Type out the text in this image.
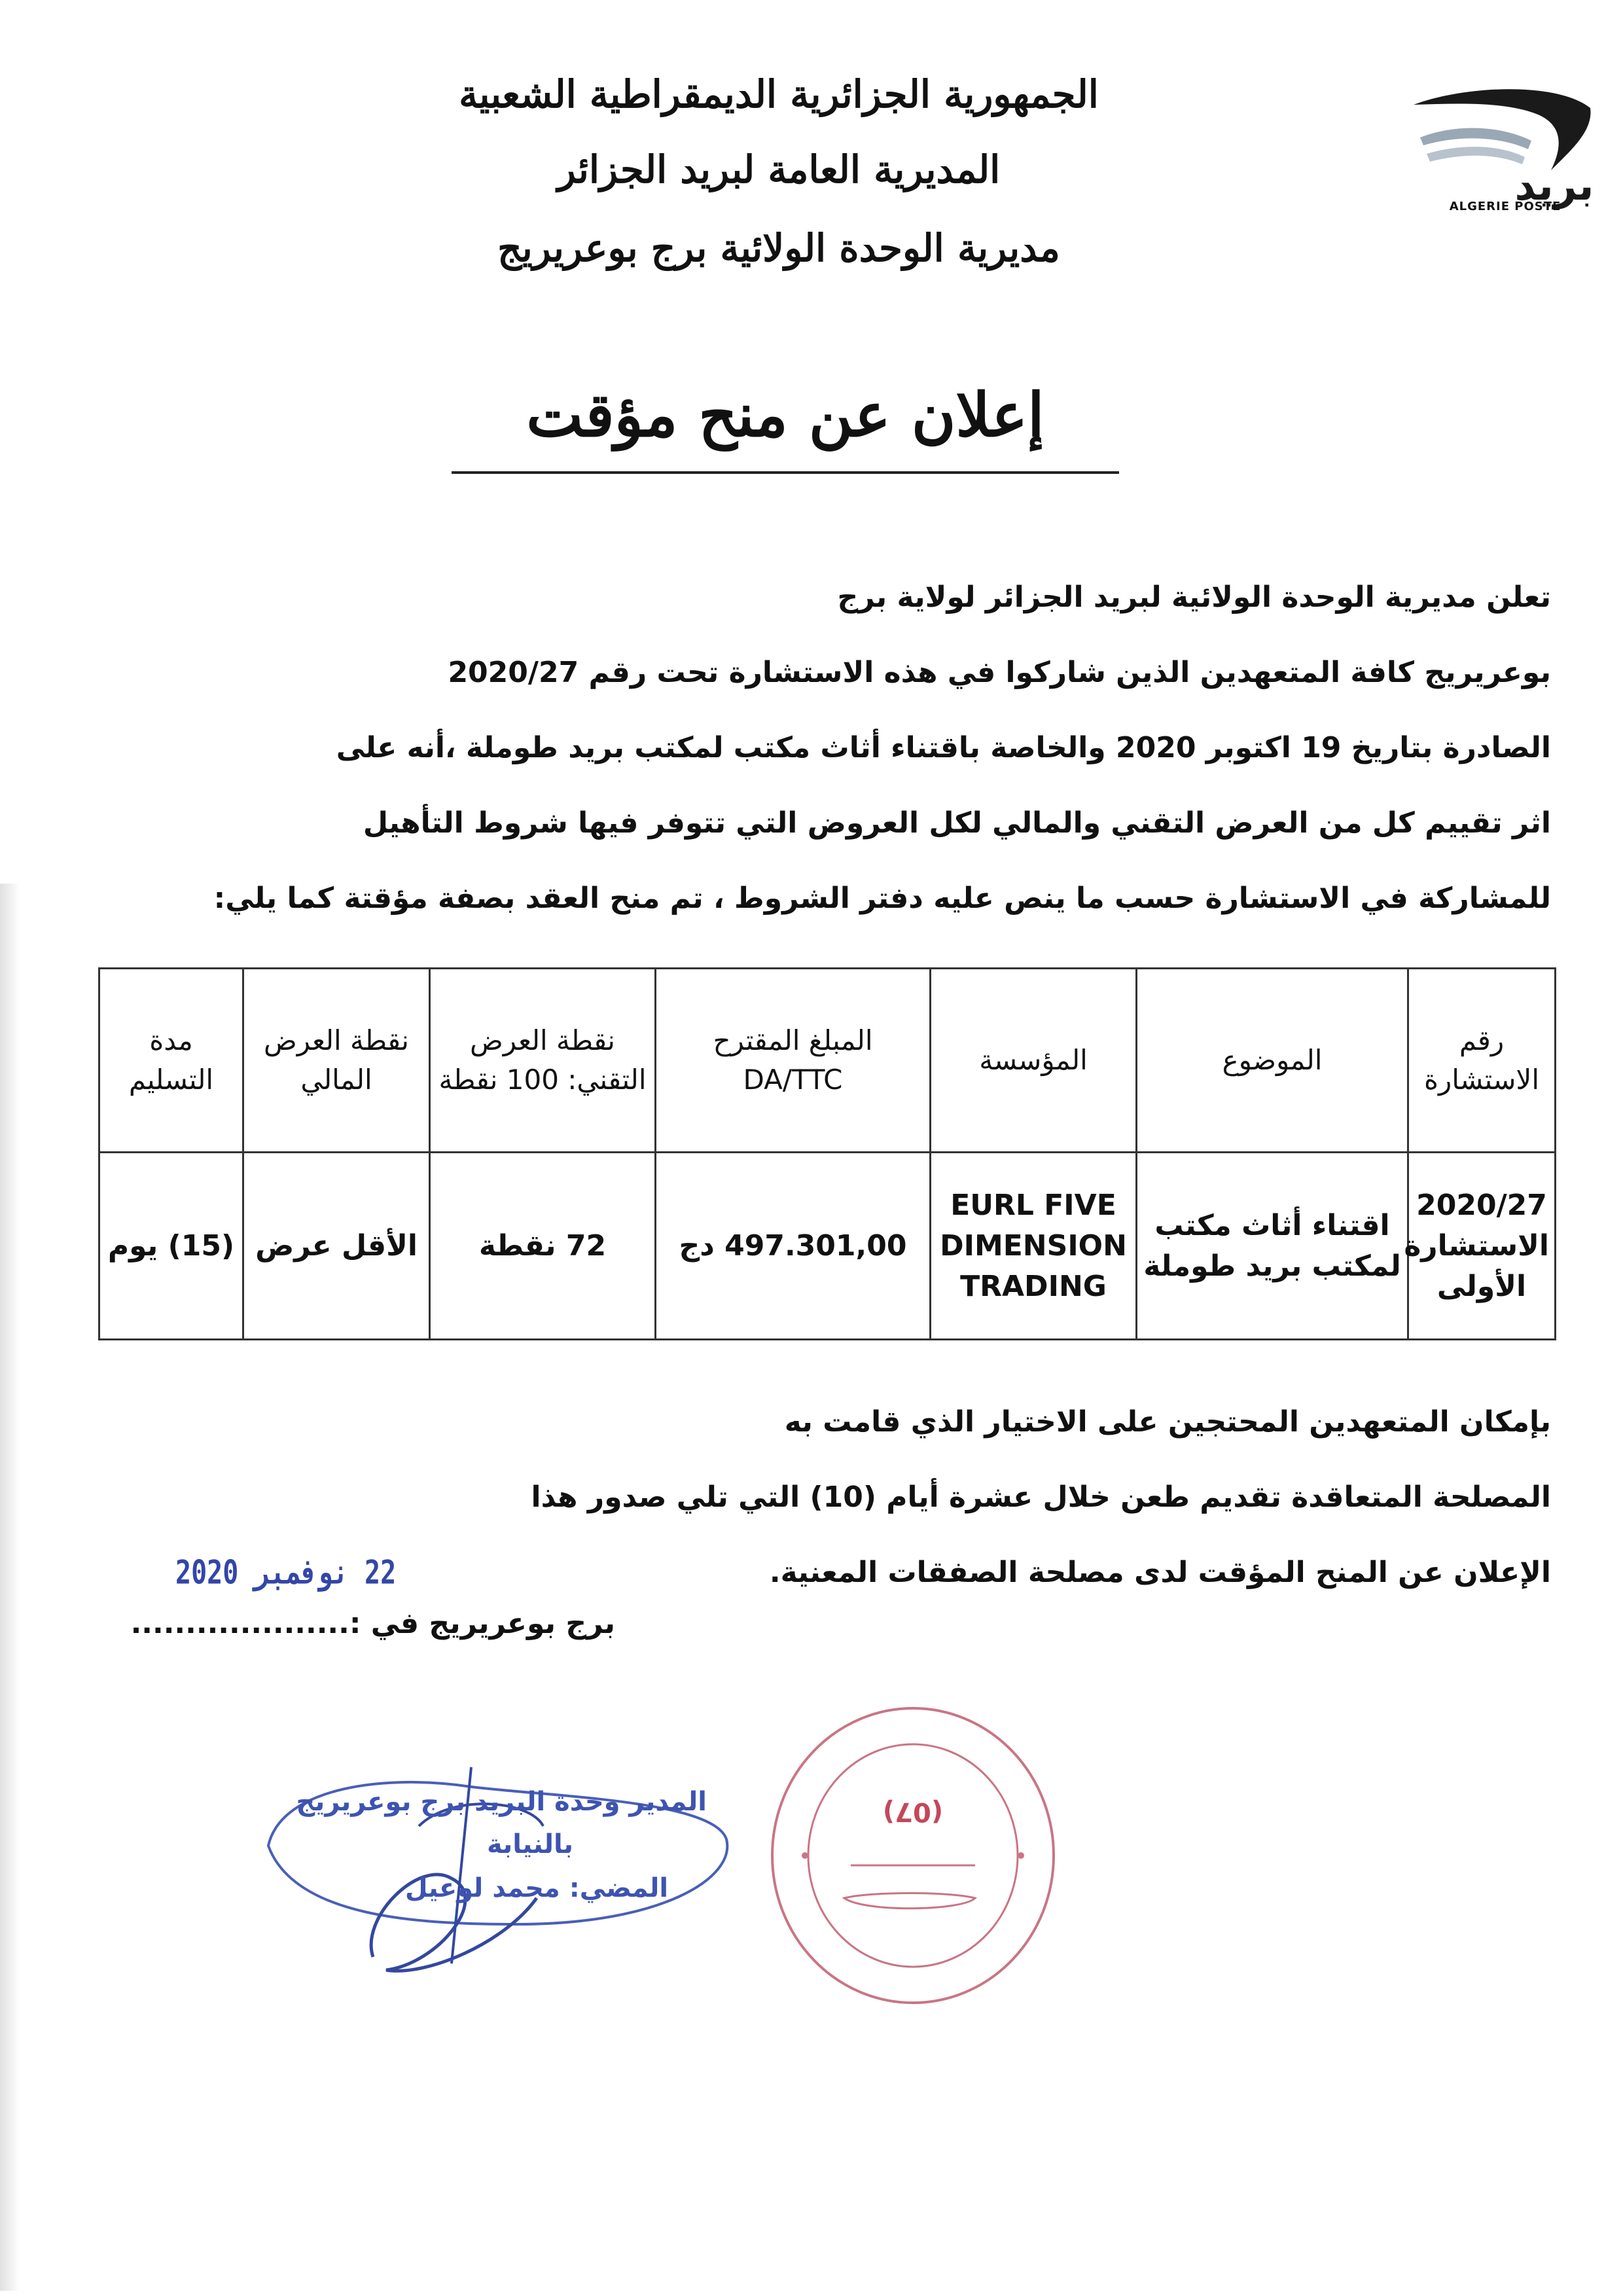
الجمهورية الجزائرية الديمقراطية الشعبية
المديرية العامة لبريد الجزائر
مديرية الوحدة الولائية برج بوعريريج
بريد
ALGERIE POSTE
إعلان عن منح مؤقت
تعلن مديرية الوحدة الولائية لبريد الجزائر لولاية برج
بوعريريج كافة المتعهدين الذين شاركوا في هذه الاستشارة تحت رقم 2020/27
الصادرة بتاريخ 19 اكتوبر 2020 والخاصة باقتناء أثاث مكتب لمكتب بريد طوملة ،أنه على
اثر تقييم كل من العرض التقني والمالي لكل العروض التي تتوفر فيها شروط التأهيل
للمشاركة في الاستشارة حسب ما ينص عليه دفتر الشروط ، تم منح العقد بصفة مؤقتة كما يلي:
رقم الاستشارة	الموضوع	المؤسسة	المبلغ المقترح DA/TTC	نقطة العرض التقني: 100 نقطة	نقطة العرض المالي	مدة التسليم
2020/27 الاستشارة الأولى	اقتناء أثاث مكتب لمكتب بريد طوملة	EURL FIVE DIMENSION TRADING	497.301,00 دج	72 نقطة	الأقل عرض	(15) يوم
بإمكان المتعهدين المحتجين على الاختيار الذي قامت به
المصلحة المتعاقدة تقديم طعن خلال عشرة أيام (10) التي تلي صدور هذا
الإعلان عن المنح المؤقت لدى مصلحة الصفقات المعنية.
22 نوفمبر 2020
برج بوعريريج في :....................
المدير وحدة البريد برج بوعريريج
بالنيابة
المضي: محمد لوعيل
(07)
